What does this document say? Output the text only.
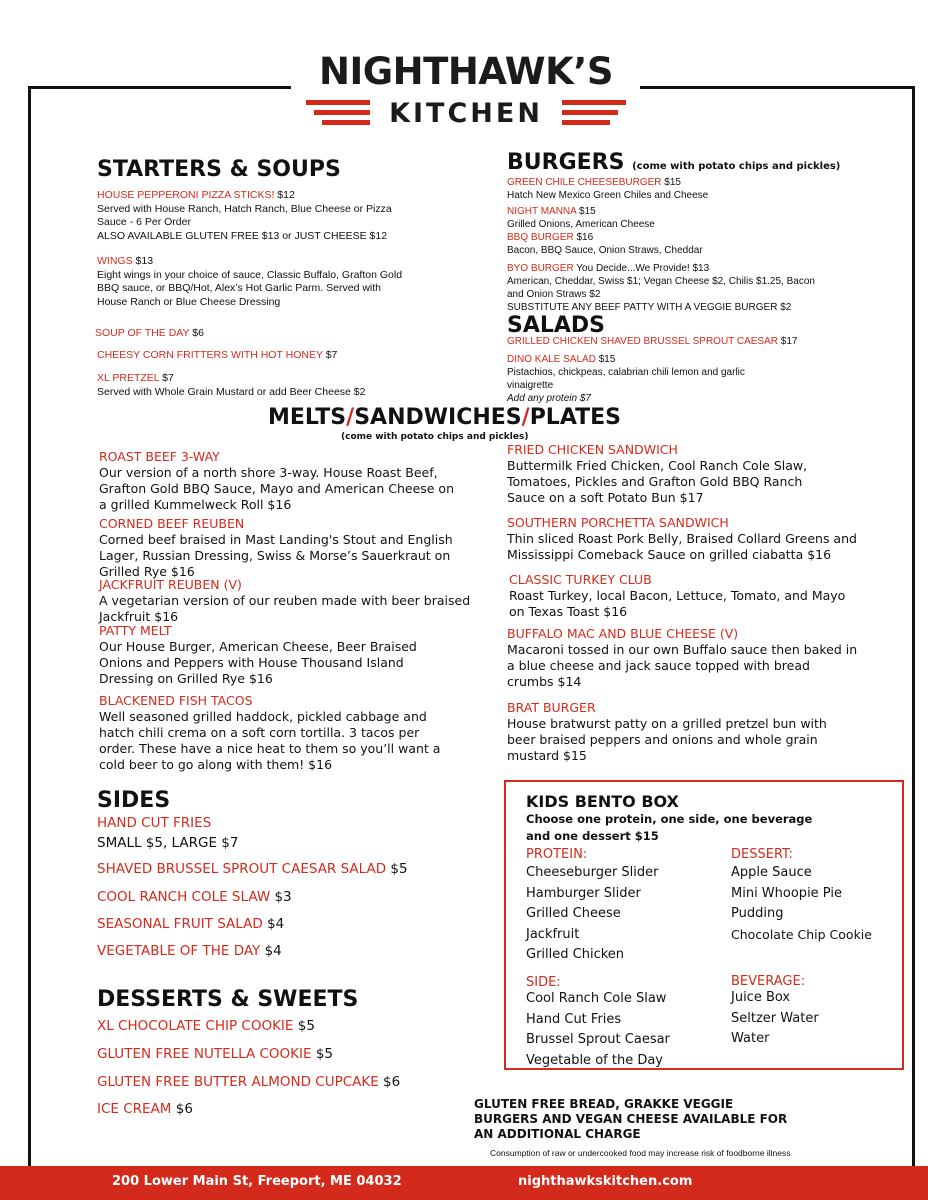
NIGHTHAWK’S
KITCHEN
STARTERS & SOUPS
HOUSE PEPPERONI PIZZA STICKS! $12
Served with House Ranch, Hatch Ranch, Blue Cheese or Pizza
Sauce - 6 Per Order
ALSO AVAILABLE GLUTEN FREE $13 or JUST CHEESE $12
WINGS $13
Eight wings in your choice of sauce, Classic Buffalo, Grafton Gold
BBQ sauce, or BBQ/Hot, Alex’s Hot Garlic Parm. Served with
House Ranch or Blue Cheese Dressing
SOUP OF THE DAY $6
CHEESY CORN FRITTERS WITH HOT HONEY $7
XL PRETZEL $7
Served with Whole Grain Mustard or add Beer Cheese $2
BURGERS (come with potato chips and pickles)
GREEN CHILE CHEESEBURGER $15
Hatch New Mexico Green Chiles and Cheese
NIGHT MANNA $15
Grilled Onions, American Cheese
BBQ BURGER $16
Bacon, BBQ Sauce, Onion Straws, Cheddar
BYO BURGER You Decide...We Provide! $13
American, Cheddar, Swiss $1; Vegan Cheese $2, Chilis $1.25, Bacon
and Onion Straws $2
SUBSTITUTE ANY BEEF PATTY WITH A VEGGIE BURGER $2
SALADS
GRILLED CHICKEN SHAVED BRUSSEL SPROUT CAESAR $17
DINO KALE SALAD $15
Pistachios, chickpeas, calabrian chili lemon and garlic
vinaigrette
Add any protein $7
MELTS/SANDWICHES/PLATES
(come with potato chips and pickles)
ROAST BEEF 3-WAY
Our version of a north shore 3-way. House Roast Beef,
Grafton Gold BBQ Sauce, Mayo and American Cheese on
a grilled Kummelweck Roll $16
CORNED BEEF REUBEN
Corned beef braised in Mast Landing's Stout and English
Lager, Russian Dressing, Swiss & Morse’s Sauerkraut on
Grilled Rye $16
JACKFRUIT REUBEN (V)
A vegetarian version of our reuben made with beer braised
Jackfruit $16
PATTY MELT
Our House Burger, American Cheese, Beer Braised
Onions and Peppers with House Thousand Island
Dressing on Grilled Rye $16
BLACKENED FISH TACOS
Well seasoned grilled haddock, pickled cabbage and
hatch chili crema on a soft corn tortilla. 3 tacos per
order. These have a nice heat to them so you’ll want a
cold beer to go along with them! $16
FRIED CHICKEN SANDWICH
Buttermilk Fried Chicken, Cool Ranch Cole Slaw,
Tomatoes, Pickles and Grafton Gold BBQ Ranch
Sauce on a soft Potato Bun $17
SOUTHERN PORCHETTA SANDWICH
Thin sliced Roast Pork Belly, Braised Collard Greens and
Mississippi Comeback Sauce on grilled ciabatta $16
CLASSIC TURKEY CLUB
Roast Turkey, local Bacon, Lettuce, Tomato, and Mayo
on Texas Toast $16
BUFFALO MAC AND BLUE CHEESE (V)
Macaroni tossed in our own Buffalo sauce then baked in
a blue cheese and jack sauce topped with bread
crumbs $14
BRAT BURGER
House bratwurst patty on a grilled pretzel bun with
beer braised peppers and onions and whole grain
mustard $15
SIDES
HAND CUT FRIES
SMALL $5, LARGE $7
SHAVED BRUSSEL SPROUT CAESAR SALAD $5
COOL RANCH COLE SLAW $3
SEASONAL FRUIT SALAD $4
VEGETABLE OF THE DAY $4
DESSERTS & SWEETS
XL CHOCOLATE CHIP COOKIE $5
GLUTEN FREE NUTELLA COOKIE $5
GLUTEN FREE BUTTER ALMOND CUPCAKE $6
ICE CREAM $6
KIDS BENTO BOX
Choose one protein, one side, one beverage
and one dessert $15
PROTEIN:
Cheeseburger Slider
Hamburger Slider
Grilled Cheese
Jackfruit
Grilled Chicken
DESSERT:
Apple Sauce
Mini Whoopie Pie
Pudding
Chocolate Chip Cookie
SIDE:
Cool Ranch Cole Slaw
Hand Cut Fries
Brussel Sprout Caesar
Vegetable of the Day
BEVERAGE:
Juice Box
Seltzer Water
Water
GLUTEN FREE BREAD, GRAKKE VEGGIE
BURGERS AND VEGAN CHEESE AVAILABLE FOR
AN ADDITIONAL CHARGE
Consumption of raw or undercooked food may increase risk of foodborne illness
200 Lower Main St, Freeport, ME 04032	nighthawkskitchen.com
